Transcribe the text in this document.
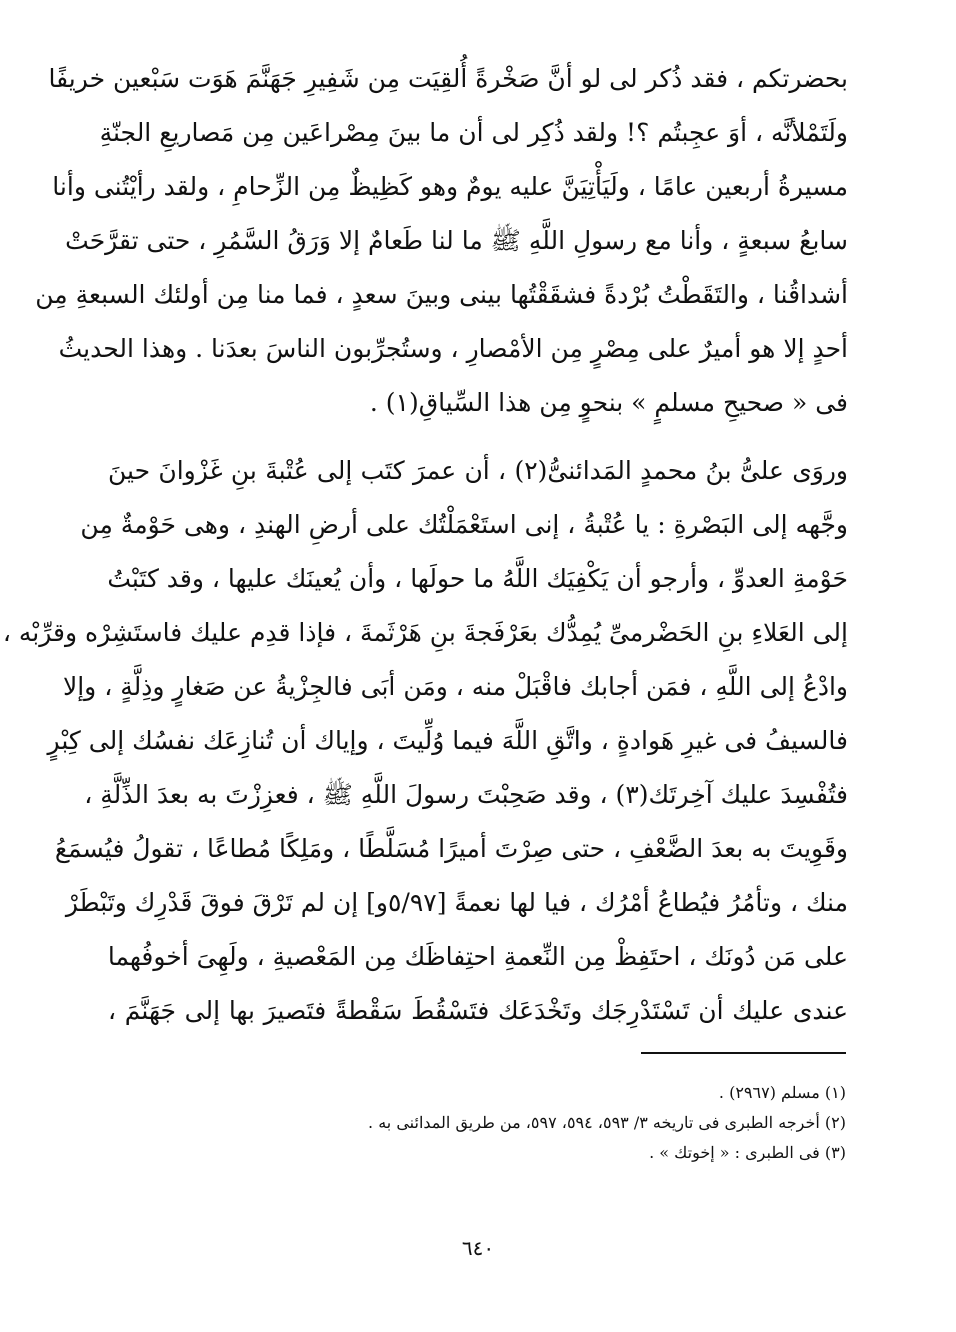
بحضرتكم ، فقد ذُكر لى لو أنَّ صَخْرةً أُلقِيَت مِن شَفِيرِ جَهَنَّمَ هَوَت سَبْعين خريفًا
ولَتَمْلأنَّه ، أوَ عجِبتُم ؟! ولقد ذُكِر لى أن ما بينَ مِصْراعَين مِن مَصاريعِ الجنّةِ
مسيرةُ أربعين عامًا ، ولَيَأْتِيَنَّ عليه يومٌ وهو كَظِيظٌ مِن الزِّحامِ ، ولقد رأيْتُنى وأنا
سابعُ سبعةٍ ، وأنا مع رسولِ اللَّهِ ﷺ ما لنا طَعامٌ إلا وَرَقُ السَّمُرِ ، حتى تقرَّحَتْ
أشداقُنا ، والتَقَطْتُ بُرْدةً فشقَقْتُها بينى وبينَ سعدٍ ، فما منا مِن أولئك السبعةِ مِن
أحدٍ إلا هو أميرٌ على مِصْرٍ مِن الأمْصارِ ، وستُجرِّبون الناسَ بعدَنا . وهذا الحديثُ
فى « صحيحِ مسلمٍ » بنحوٍ مِن هذا السِّياقِ(١) .
وروَى علىُّ بنُ محمدٍ المَدائنىُّ(٢) ، أن عمرَ كتَب إلى عُتْبةَ بنِ غَزْوانَ حينَ
وجَّهه إلى البَصْرةِ : يا عُتْبةُ ، إنى استَعْمَلْتُك على أرضِ الهندِ ، وهى حَوْمةٌ مِن
حَوْمةِ العدوِّ ، وأرجو أن يَكْفِيَك اللَّهُ ما حولَها ، وأن يُعينَك عليها ، وقد كتَبْتُ
إلى العَلاءِ بنِ الحَضْرمىِّ يُمِدُّك بعَرْفَجةَ بنِ هَرْثَمةَ ، فإذا قدِم عليك فاستَشِرْه وقرِّبْه ،
وادْعُ إلى اللَّهِ ، فمَن أجابك فاقْبَلْ منه ، ومَن أبَى فالجِزْيةُ عن صَغارٍ وذِلَّةٍ ، وإلا
فالسيفُ فى غيرِ هَوادةٍ ، واتَّقِ اللَّهَ فيما وُلِّيتَ ، وإياك أن تُنازِعَك نفسُك إلى كِبْرٍ
فتُفْسِدَ عليك آخِرتَك(٣) ، وقد صَحِبْتَ رسولَ اللَّهِ ﷺ ، فعزِزْتَ به بعدَ الذِّلَّةِ ،
وقَوِيتَ به بعدَ الضَّعْفِ ، حتى صِرْتَ أميرًا مُسَلَّطًا ، ومَلِكًا مُطاعًا ، تقولُ فيُسمَعُ
منك ، وتأمُرُ فيُطاعُ أمْرُك ، فيا لها نعمةً [٥/٩٧و] إن لم تَرْقَ فوقَ قَدْرِك وتَبْطَرْ
على مَن دُونَك ، احتَفِظْ مِن النِّعمةِ احتِفاظَك مِن المَعْصيةِ ، ولَهِىَ أخوفُهما
عندى عليك أن تَسْتَدْرِجَك وتَخْدَعَك فتَسْقُطَ سَقْطةً فتَصيرَ بها إلى جَهَنَّمَ ،
(١) مسلم (٢٩٦٧) .
(٢) أخرجه الطبرى فى تاريخه ٣/ ٥٩٣، ٥٩٤، ٥٩٧، من طريق المدائنى به .
(٣) فى الطبرى : « إخوتك » .
٦٤٠
